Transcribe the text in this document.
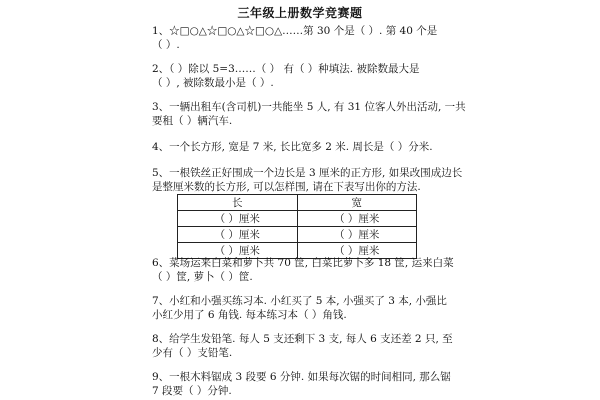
三年级上册数学竞赛题
1、☆□○△☆□○△☆□○△……第 30 个是（ ）. 第 40 个是
（ ）.
2、（ ）除以 5=3……（ ） 有（ ）种填法. 被除数最大是
（ ）, 被除数最小是（ ）.
3、一辆出租车(含司机)一共能坐 5 人, 有 31 位客人外出活动, 一共
要租（ ）辆汽车.
4、一个长方形, 宽是 7 米, 长比宽多 2 米. 周长是（ ）分米.
5、一根铁丝正好围成一个边长是 3 厘米的正方形, 如果改围成边长
是整厘米数的长方形, 可以怎样围, 请在下表写出你的方法.
长	宽
（ ）厘米	（ ）厘米
（ ）厘米	（ ）厘米
（ ）厘米	（ ）厘米
6、菜场运来白菜和萝卜共 70 筐, 白菜比萝卜多 18 筐, 运来白菜
（ ）筐, 萝卜（ ）筐.
7、小红和小强买练习本. 小红买了 5 本, 小强买了 3 本, 小强比
小红少用了 6 角钱. 每本练习本（ ）角钱.
8、给学生发铅笔. 每人 5 支还剩下 3 支, 每人 6 支还差 2 只, 至
少有（ ）支铅笔.
9、一根木料锯成 3 段要 6 分钟. 如果每次锯的时间相同, 那么锯
7 段要（ ）分钟.
